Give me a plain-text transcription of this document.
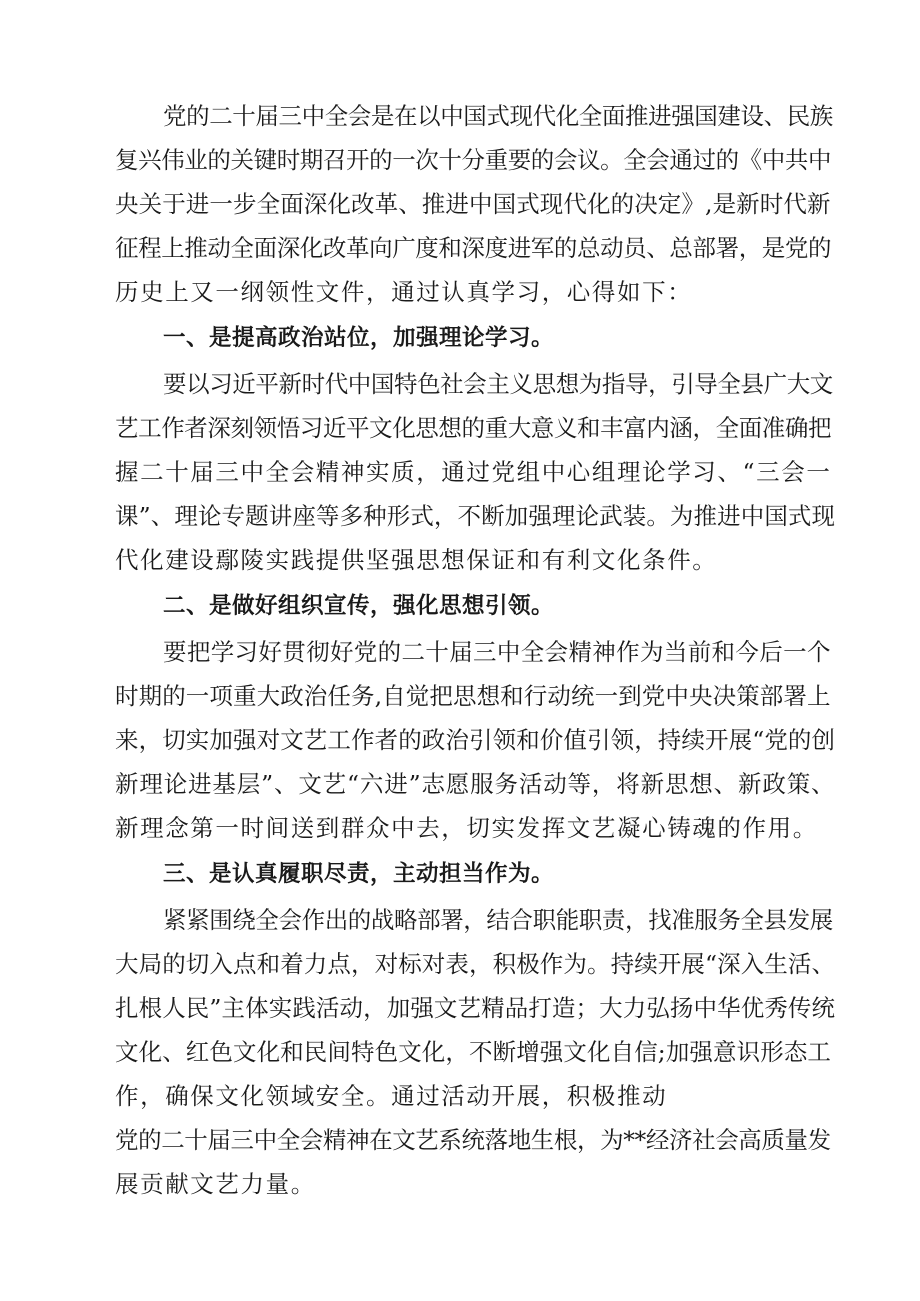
党的二十届三中全会是在以中国式现代化全面推进强国建设、民族
复兴伟业的关键时期召开的一次十分重要的会议。全会通过的《中共中
央关于进一步全面深化改革、推进中国式现代化的决定》,是新时代新
征程上推动全面深化改革向广度和深度进军的总动员、总部署，是党的
历史上又一纲领性文件，通过认真学习，心得如下：
一、是提高政治站位，加强理论学习。
要以习近平新时代中国特色社会主义思想为指导，引导全县广大文
艺工作者深刻领悟习近平文化思想的重大意义和丰富内涵，全面准确把
握二十届三中全会精神实质，通过党组中心组理论学习、“三会一
课”、理论专题讲座等多种形式，不断加强理论武装。为推进中国式现
代化建设鄢陵实践提供坚强思想保证和有利文化条件。
二、是做好组织宣传，强化思想引领。
要把学习好贯彻好党的二十届三中全会精神作为当前和今后一个
时期的一项重大政治任务,自觉把思想和行动统一到党中央决策部署上
来，切实加强对文艺工作者的政治引领和价值引领，持续开展“党的创
新理论进基层”、文艺“六进”志愿服务活动等，将新思想、新政策、
新理念第一时间送到群众中去，切实发挥文艺凝心铸魂的作用。
三、是认真履职尽责，主动担当作为。
紧紧围绕全会作出的战略部署，结合职能职责，找准服务全县发展
大局的切入点和着力点，对标对表，积极作为。持续开展“深入生活、
扎根人民”主体实践活动，加强文艺精品打造；大力弘扬中华优秀传统
文化、红色文化和民间特色文化，不断增强文化自信;加强意识形态工
作，确保文化领域安全。通过活动开展，积极推动
党的二十届三中全会精神在文艺系统落地生根，为**经济社会高质量发
展贡献文艺力量。
